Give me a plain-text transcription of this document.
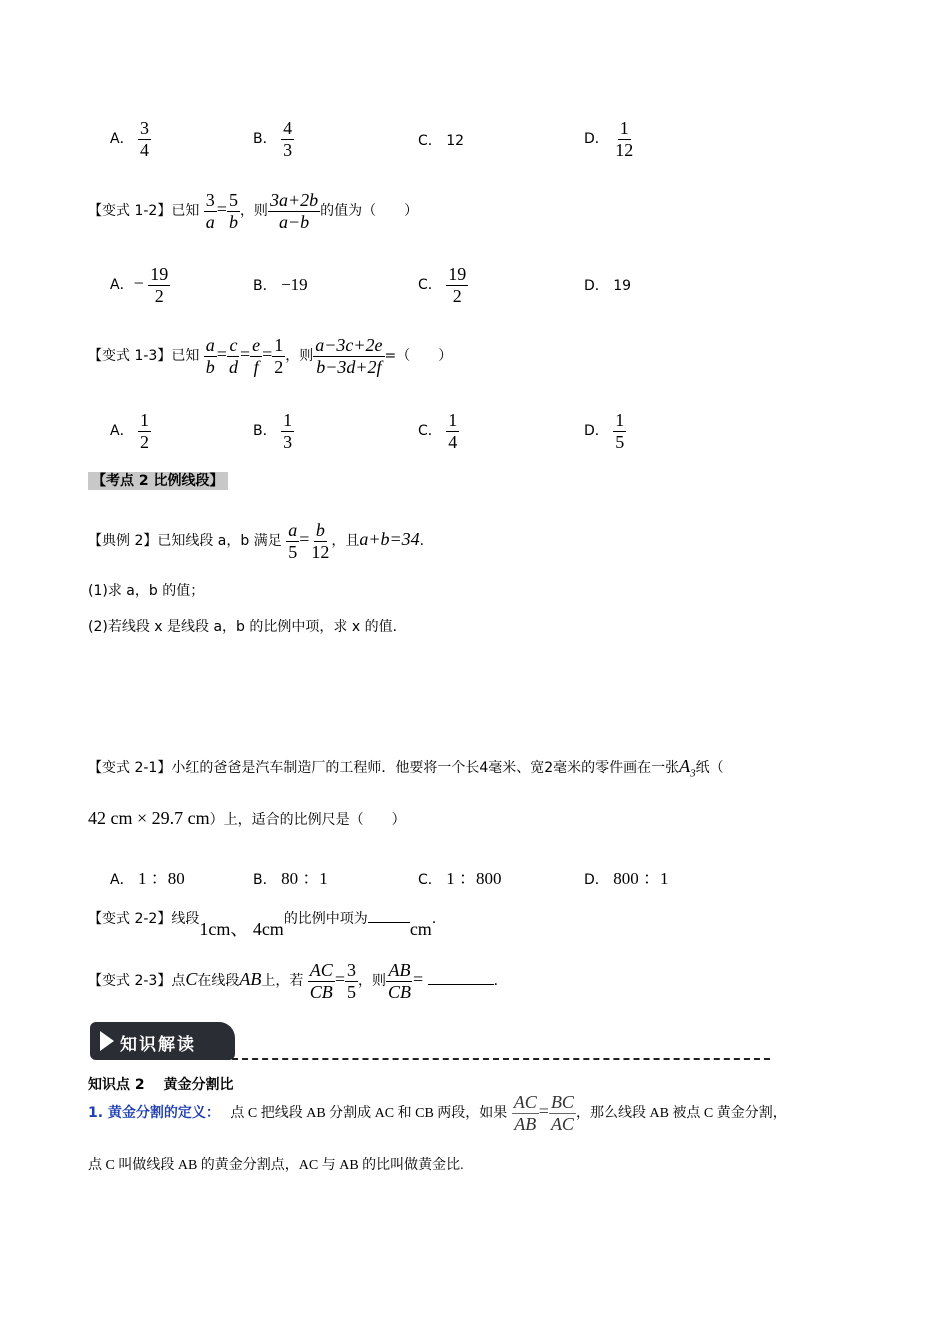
A． $\frac{3}{4}$	B． $\frac{4}{3}$	C． 12	D． $\frac{1}{12}$
【变式 1-2】已知 $\frac{3}{a} = \frac{5}{b}$ ，则 $\frac{3a+2b}{a-b}$ 的值为（　　）
A．− $\frac{19}{2}$	B． −19	C． $\frac{19}{2}$	D． 19
【变式 1-3】已知 $\frac{a}{b} = \frac{c}{d} = \frac{e}{f} = \frac{1}{2}$ ，则 $\frac{a-3c+2e}{b-3d+2f}$ =（　　）
A． $\frac{1}{2}$	B． $\frac{1}{3}$	C． $\frac{1}{4}$	D． $\frac{1}{5}$
【考点 2 比例线段】
【典例 2】已知线段 a，b 满足 $\frac{a}{5} = \frac{b}{12}$ ，且a+b=34.
(1)求 a，b 的值；
(2)若线段 x 是线段 a，b 的比例中项，求 x 的值．
【变式 2-1】小红的爸爸是汽车制造厂的工程师．他要将一个长4毫米、宽2毫米的零件画在一张$A_3$纸（
42 cm × 29.7 cm）上，适合的比例尺是（　　）
A． 1 ：80	B． 80 ：1	C． 1 ：800	D． 800 ：1
【变式 2-2】线段1cm、 4cm的比例中项为 cm．
【变式 2-3】点C在线段AB上，若 $\frac{AC}{CB} = \frac{3}{5}$ ，则 $\frac{AB}{CB}$ =	．
知识解读
知识点 2　 黄金分割比
1. 黄金分割的定义： 点 C 把线段 AB 分割成 AC 和 CB 两段，如果 $\frac{AC}{AB} = \frac{BC}{AC}$ ，那么线段 AB 被点 C 黄金分割，
点 C 叫做线段 AB 的黄金分割点，AC 与 AB 的比叫做黄金比.
